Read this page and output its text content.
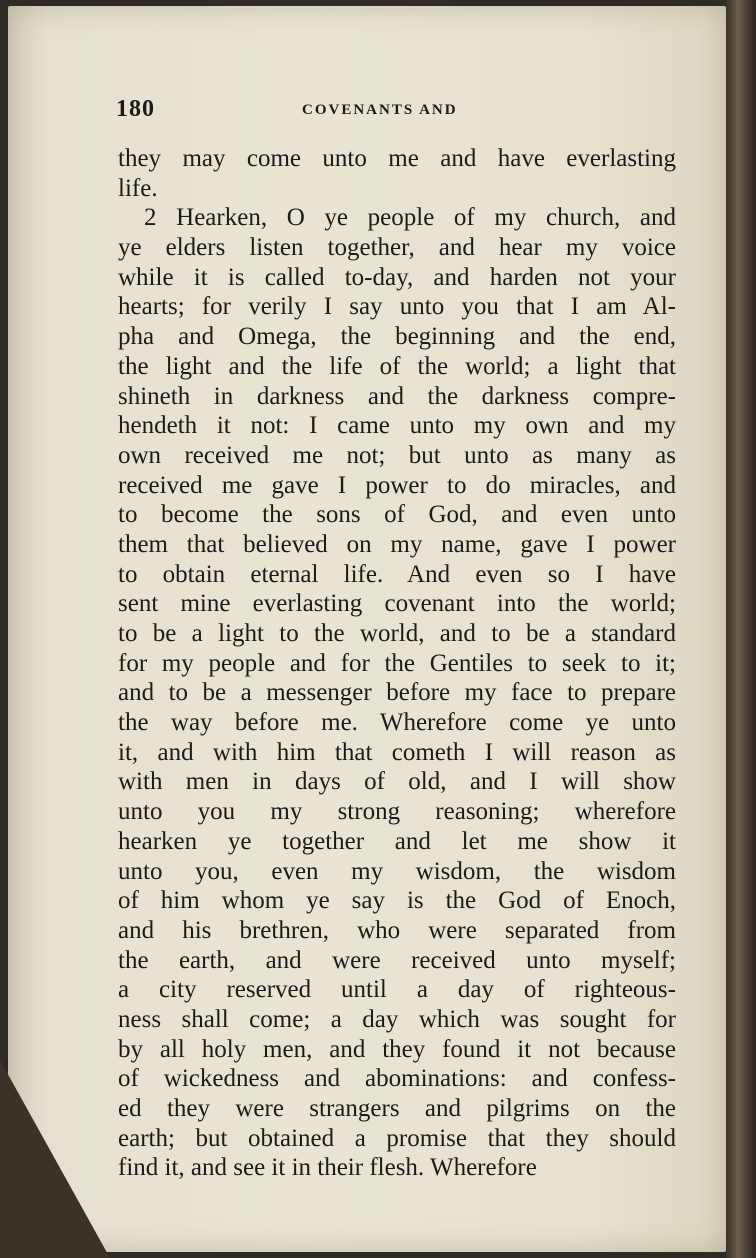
180	COVENANTS AND
they may come unto me and have everlasting
life.
2 Hearken, O ye people of my church, and
ye elders listen together, and hear my voice
while it is called to-day, and harden not your
hearts; for verily I say unto you that I am Al-
pha and Omega, the beginning and the end,
the light and the life of the world; a light that
shineth in darkness and the darkness compre-
hendeth it not: I came unto my own and my
own received me not; but unto as many as
received me gave I power to do miracles, and
to become the sons of God, and even unto
them that believed on my name, gave I power
to obtain eternal life. And even so I have
sent mine everlasting covenant into the world;
to be a light to the world, and to be a standard
for my people and for the Gentiles to seek to it;
and to be a messenger before my face to prepare
the way before me. Wherefore come ye unto
it, and with him that cometh I will reason as
with men in days of old, and I will show
unto you my strong reasoning; wherefore
hearken ye together and let me show it
unto you, even my wisdom, the wisdom
of him whom ye say is the God of Enoch,
and his brethren, who were separated from
the earth, and were received unto myself;
a city reserved until a day of righteous-
ness shall come; a day which was sought for
by all holy men, and they found it not because
of wickedness and abominations: and confess-
ed they were strangers and pilgrims on the
earth; but obtained a promise that they should
find it, and see it in their flesh. Wherefore
